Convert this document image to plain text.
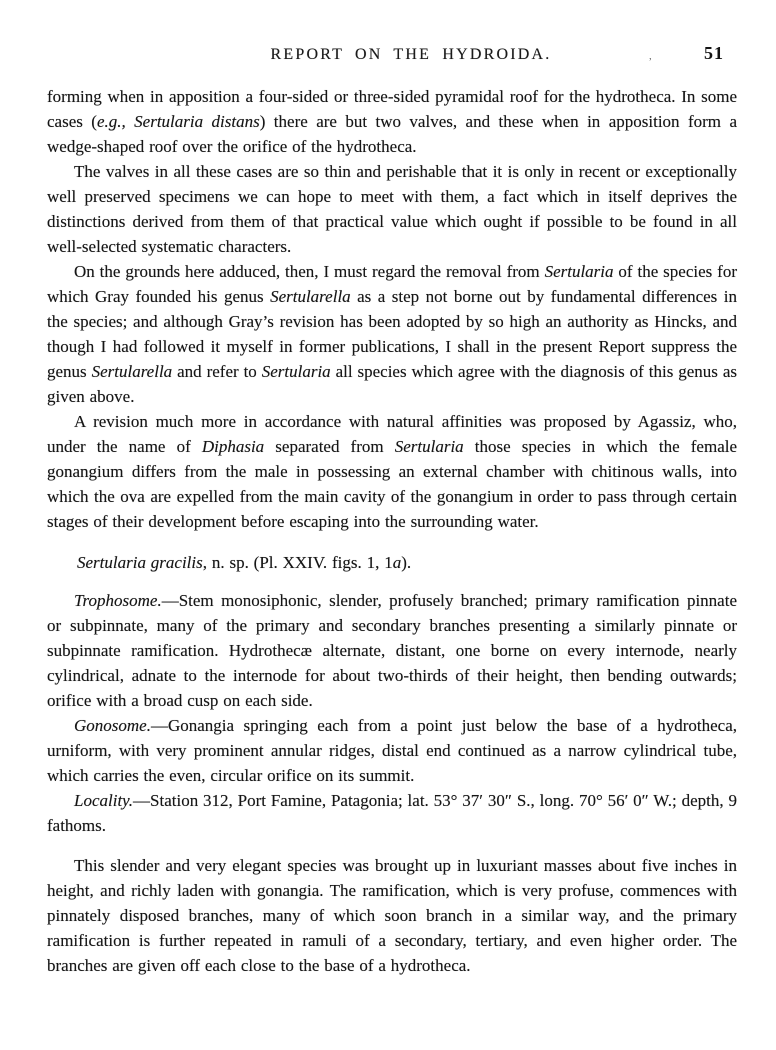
REPORT ON THE HYDROIDA.	51
,

forming when in apposition a four-sided or three-sided pyramidal roof for the hydrotheca. In some cases (e.g., Sertularia distans) there are but two valves, and these when in apposition form a wedge-shaped roof over the orifice of the hydrotheca.

The valves in all these cases are so thin and perishable that it is only in recent or exceptionally well preserved specimens we can hope to meet with them, a fact which in itself deprives the distinctions derived from them of that practical value which ought if possible to be found in all well-selected systematic characters.

On the grounds here adduced, then, I must regard the removal from Sertularia of the species for which Gray founded his genus Sertularella as a step not borne out by fundamental differences in the species; and although Gray’s revision has been adopted by so high an authority as Hincks, and though I had followed it myself in former publications, I shall in the present Report suppress the genus Sertularella and refer to Sertularia all species which agree with the diagnosis of this genus as given above.

A revision much more in accordance with natural affinities was proposed by Agassiz, who, under the name of Diphasia separated from Sertularia those species in which the female gonangium differs from the male in possessing an external chamber with chitinous walls, into which the ova are expelled from the main cavity of the gonangium in order to pass through certain stages of their development before escaping into the surrounding water.

Sertularia gracilis, n. sp. (Pl. XXIV. figs. 1, 1a).

Trophosome.—Stem monosiphonic, slender, profusely branched; primary ramification pinnate or subpinnate, many of the primary and secondary branches presenting a similarly pinnate or subpinnate ramification. Hydrothecæ alternate, distant, one borne on every internode, nearly cylindrical, adnate to the internode for about two-thirds of their height, then bending outwards; orifice with a broad cusp on each side.

Gonosome.—Gonangia springing each from a point just below the base of a hydrotheca, urniform, with very prominent annular ridges, distal end continued as a narrow cylindrical tube, which carries the even, circular orifice on its summit.

Locality.—Station 312, Port Famine, Patagonia; lat. 53° 37′ 30″ S., long. 70° 56′ 0″ W.; depth, 9 fathoms.

This slender and very elegant species was brought up in luxuriant masses about five inches in height, and richly laden with gonangia. The ramification, which is very profuse, commences with pinnately disposed branches, many of which soon branch in a similar way, and the primary ramification is further repeated in ramuli of a secondary, tertiary, and even higher order. The branches are given off each close to the base of a hydrotheca.
